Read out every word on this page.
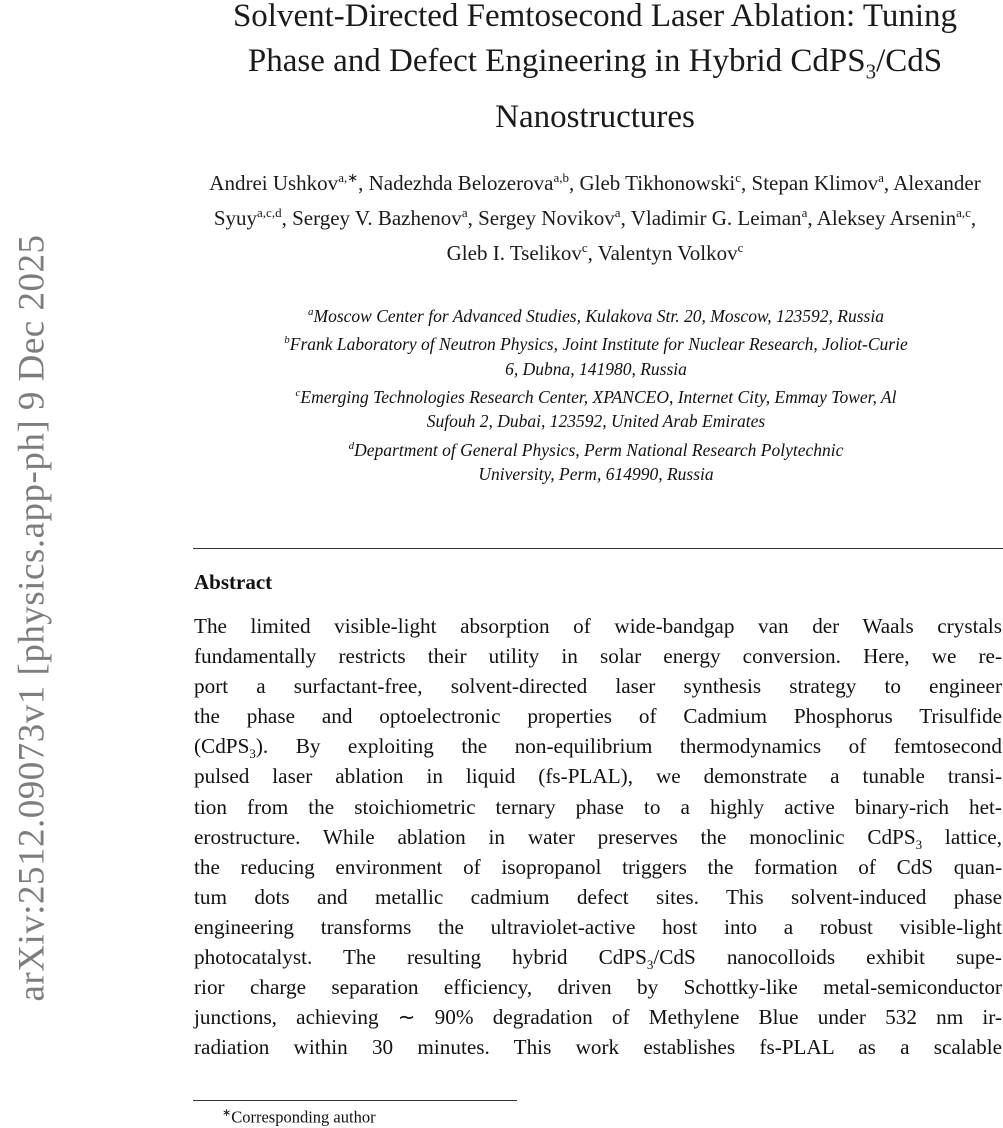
arXiv:2512.09073v1 [physics.app-ph] 9 Dec 2025
Solvent-Directed Femtosecond Laser Ablation: Tuning
Phase and Defect Engineering in Hybrid CdPS$_3$/CdS
Nanostructures
Andrei Ushkov$^{a,∗}$, Nadezhda Belozerova$^{a,b}$, Gleb Tikhonowski$^c$, Stepan Klimov$^a$, Alexander Syuy$^{a,c,d}$, Sergey V. Bazhenov$^a$, Sergey Novikov$^a$, Vladimir G. Leiman$^a$, Aleksey Arsenin$^{a,c}$, Gleb I. Tselikov$^c$, Valentyn Volkov$^c$
$^a$Moscow Center for Advanced Studies, Kulakova Str. 20, Moscow, 123592, Russia
$^b$Frank Laboratory of Neutron Physics, Joint Institute for Nuclear Research, Joliot-Curie
6, Dubna, 141980, Russia
$^c$Emerging Technologies Research Center, XPANCEO, Internet City, Emmay Tower, Al
Sufouh 2, Dubai, 123592, United Arab Emirates
$^d$Department of General Physics, Perm National Research Polytechnic
University, Perm, 614990, Russia
Abstract
The limited visible-light absorption of wide-bandgap van der Waals crystals
fundamentally restricts their utility in solar energy conversion. Here, we re-
port a surfactant-free, solvent-directed laser synthesis strategy to engineer
the phase and optoelectronic properties of Cadmium Phosphorus Trisulfide
(CdPS$_3$). By exploiting the non-equilibrium thermodynamics of femtosecond
pulsed laser ablation in liquid (fs-PLAL), we demonstrate a tunable transi-
tion from the stoichiometric ternary phase to a highly active binary-rich het-
erostructure. While ablation in water preserves the monoclinic CdPS$_3$ lattice,
the reducing environment of isopropanol triggers the formation of CdS quan-
tum dots and metallic cadmium defect sites. This solvent-induced phase
engineering transforms the ultraviolet-active host into a robust visible-light
photocatalyst. The resulting hybrid CdPS$_3$/CdS nanocolloids exhibit supe-
rior charge separation efficiency, driven by Schottky-like metal-semiconductor
junctions, achieving ∼ 90% degradation of Methylene Blue under 532 nm ir-
radiation within 30 minutes. This work establishes fs-PLAL as a scalable
∗Corresponding author
